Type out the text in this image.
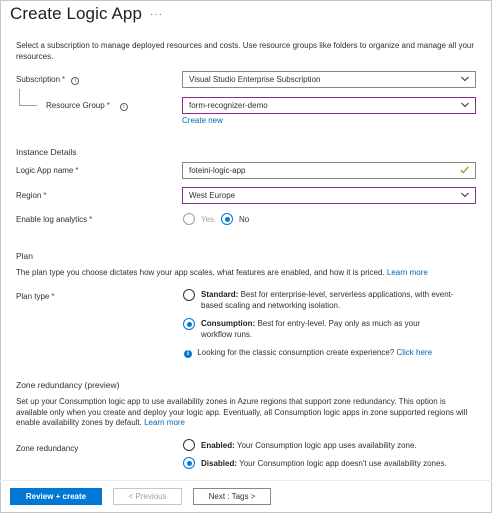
Create Logic App ···
Select a subscription to manage deployed resources and costs. Use resource groups like folders to organize and manage all your resources.
Subscription * i	Visual Studio Enterprise Subscription
Resource Group * i	form-recognizer-demo
Create new
Instance Details
Logic App name *	foteini-logic-app
Region *	West Europe
Enable log analytics *	Yes	No
Plan
The plan type you choose dictates how your app scales, what features are enabled, and how it is priced. Learn more
Plan type *	Standard: Best for enterprise-level, serverless applications, with event-based scaling and networking isolation.
Consumption: Best for entry-level. Pay only as much as your workflow runs.
i Looking for the classic consumption create experience? Click here
Zone redundancy (preview)
Set up your Consumption logic app to use availability zones in Azure regions that support zone redundancy. This option is available only when you create and deploy your logic app. Eventually, all Consumption logic apps in zone supported regions will enable availability zones by default. Learn more
Zone redundancy	Enabled: Your Consumption logic app uses availability zone.
Disabled: Your Consumption logic app doesn't use availability zones.
Review + create	< Previous	Next : Tags >
